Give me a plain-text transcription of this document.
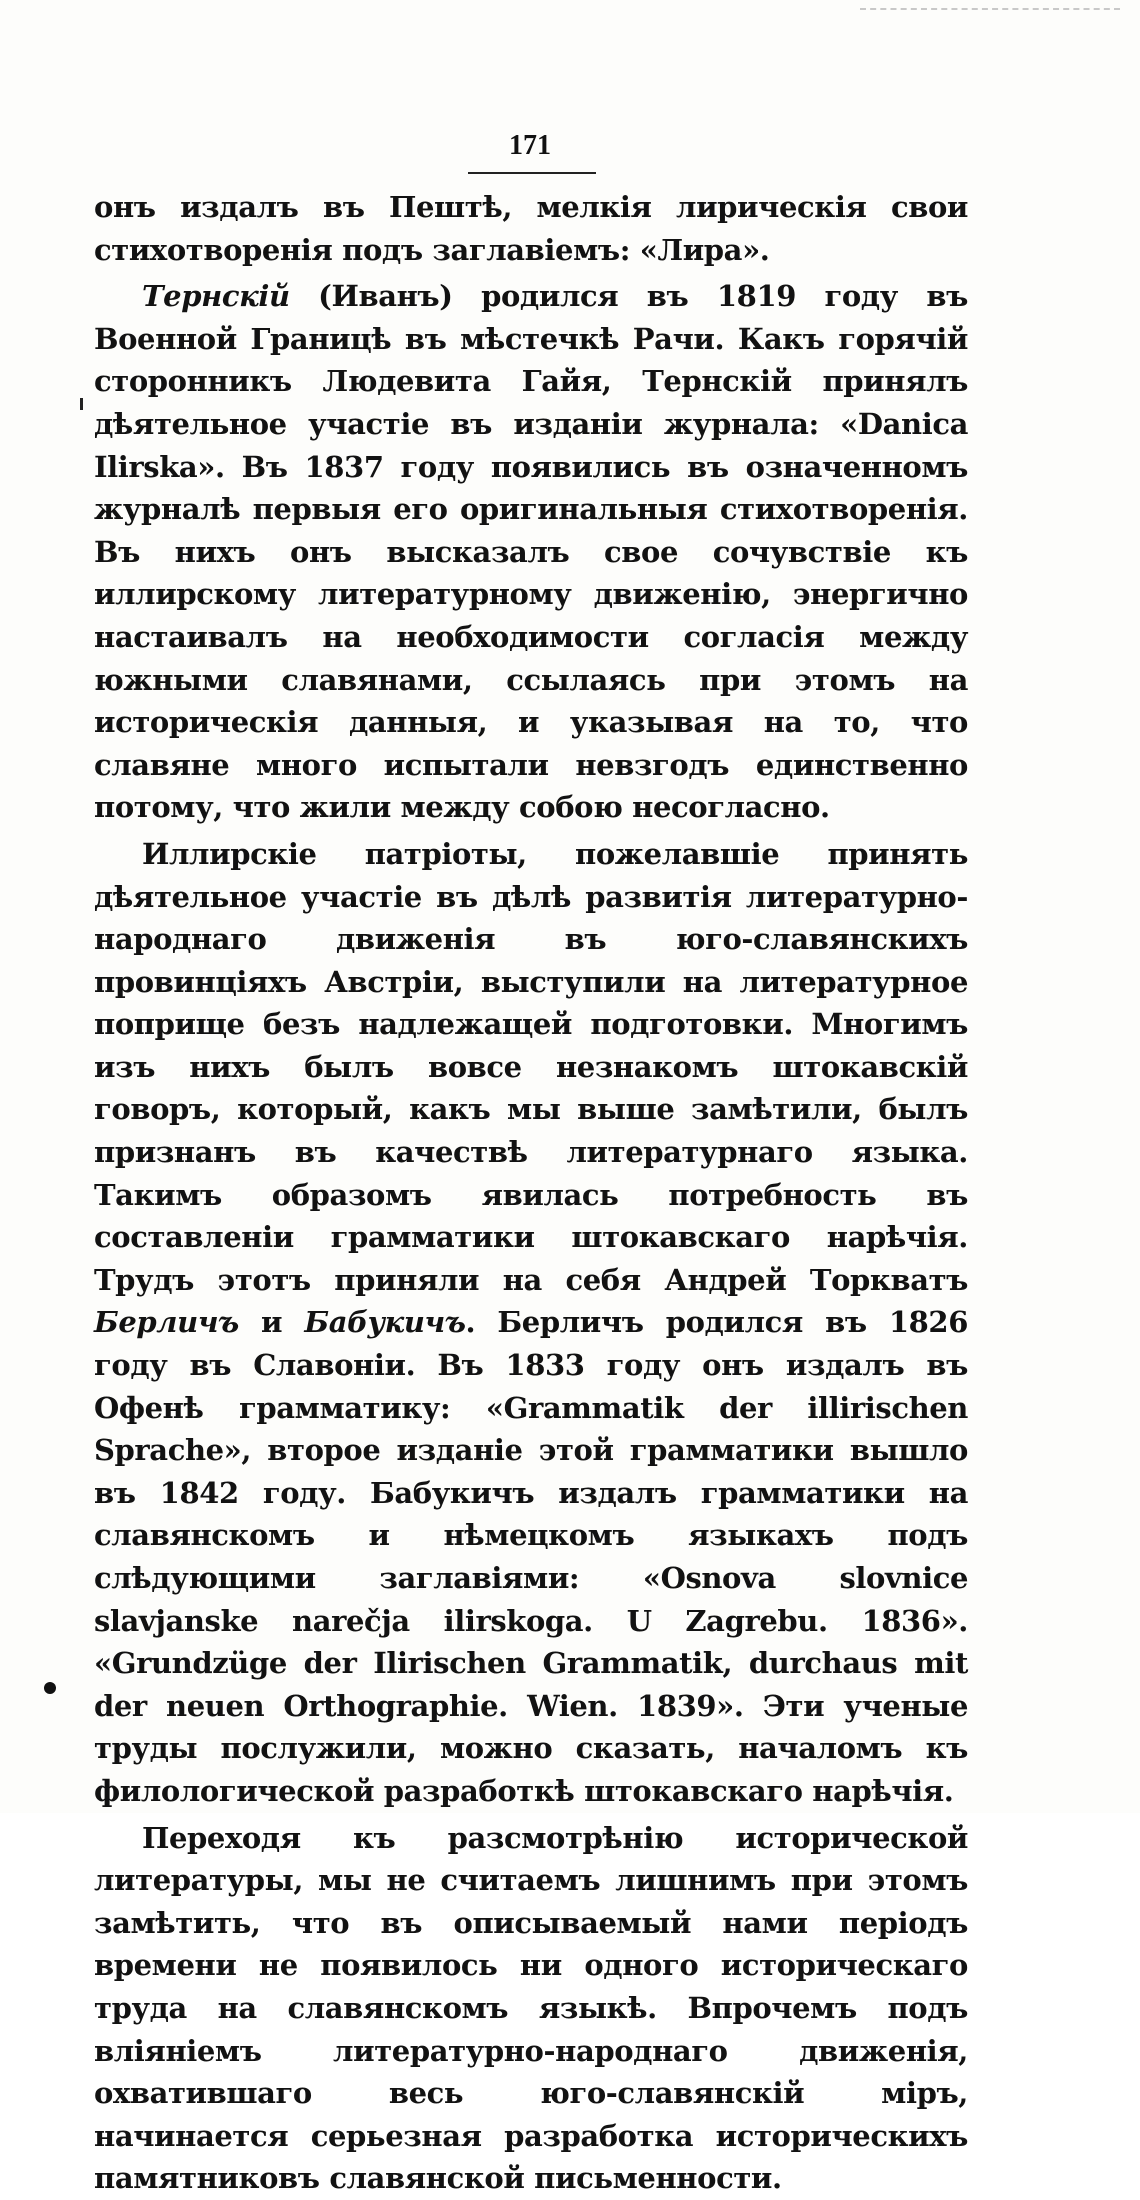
171

онъ издалъ въ Пештѣ, мелкія лирическія свои стихотворенія подъ заглавіемъ: «Лира».

Тернскій (Иванъ) родился въ 1819 году въ Военной Границѣ въ мѣстечкѣ Рачи. Какъ горячій сторонникъ Людевита Гайя, Тернскій принялъ дѣятельное участіе въ изданіи журнала: «Danica Ilirska». Въ 1837 году появились въ означенномъ журналѣ первыя его оригинальныя стихотворенія. Въ нихъ онъ высказалъ свое сочувствіе къ иллирскому литературному движенію, энергично настаивалъ на необходимости согласія между южными славянами, ссылаясь при этомъ на историческія данныя, и указывая на то, что славяне много испытали невзгодъ единственно потому, что жили между собою несогласно.

Иллирскіе патріоты, пожелавшіе принять дѣятельное участіе въ дѣлѣ развитія литературно-народнаго движенія въ юго-славянскихъ провинціяхъ Австріи, выступили на литературное поприще безъ надлежащей подготовки. Многимъ изъ нихъ былъ вовсе незнакомъ штокавскій говоръ, который, какъ мы выше замѣтили, былъ признанъ въ качествѣ литературнаго языка. Такимъ образомъ явилась потребность въ составленіи грамматики штокавскаго нарѣчія. Трудъ этотъ приняли на себя Андрей Торкватъ Берличъ и Бабукичъ. Берличъ родился въ 1826 году въ Славоніи. Въ 1833 году онъ издалъ въ Офенѣ грамматику: «Grammatik der illirischen Sprache», второе изданіе этой грамматики вышло въ 1842 году. Бабукичъ издалъ грамматики на славянскомъ и нѣмецкомъ языкахъ подъ слѣдующими заглавіями: «Osnova slovnice slavjanske narečja ilirskoga. U Zagrebu. 1836». «Grundzüge der Ilirischen Grammatik, durchaus mit der neuen Orthographie. Wien. 1839». Эти ученые труды послужили, можно сказать, началомъ къ филологической разработкѣ штокавскаго нарѣчія.

Переходя къ разсмотрѣнію исторической литературы, мы не считаемъ лишнимъ при этомъ замѣтить, что въ описываемый нами періодъ времени не появилось ни одного историческаго труда на славянскомъ языкѣ. Впрочемъ подъ вліяніемъ литературно-народнаго движенія, охватившаго весь юго-славянскій міръ, начинается серьезная разработка историческихъ памятниковъ славянской письменности.
